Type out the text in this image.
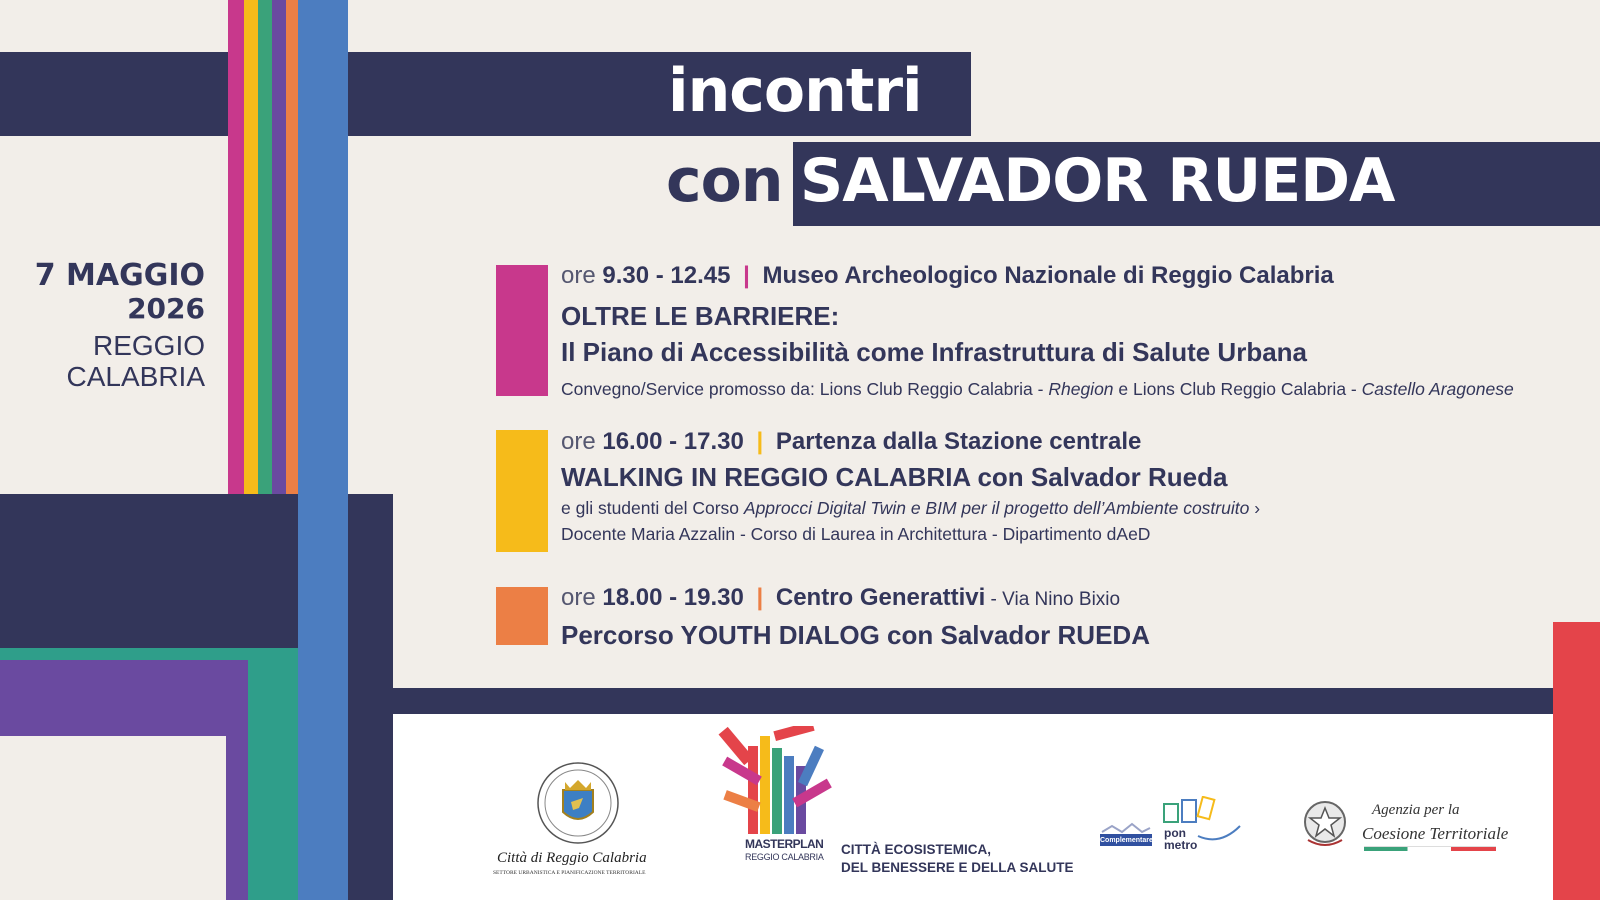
incontri
con SALVADOR RUEDA
7 MAGGIO
2026
REGGIO
CALABRIA
ore 9.30 - 12.45 | Museo Archeologico Nazionale di Reggio Calabria
OLTRE LE BARRIERE:
Il Piano di Accessibilità come Infrastruttura di Salute Urbana
Convegno/Service promosso da: Lions Club Reggio Calabria - Rhegion e Lions Club Reggio Calabria - Castello Aragonese
ore 16.00 - 17.30 | Partenza dalla Stazione centrale
WALKING IN REGGIO CALABRIA con Salvador Rueda
e gli studenti del Corso Approcci Digital Twin e BIM per il progetto dell’Ambiente costruito ›
Docente Maria Azzalin - Corso di Laurea in Architettura - Dipartimento dAeD
ore 18.00 - 19.30 | Centro Generattivi - Via Nino Bixio
Percorso YOUTH DIALOG con Salvador RUEDA
Città di Reggio Calabria
SETTORE URBANISTICA E PIANIFICAZIONE TERRITORIALE
MASTERPLAN
REGGIO CALABRIA CITTÀ ECOSISTEMICA,
DEL BENESSERE E DELLA SALUTE
Complementare
pon
metro
Agenzia per la
Coesione Territoriale
